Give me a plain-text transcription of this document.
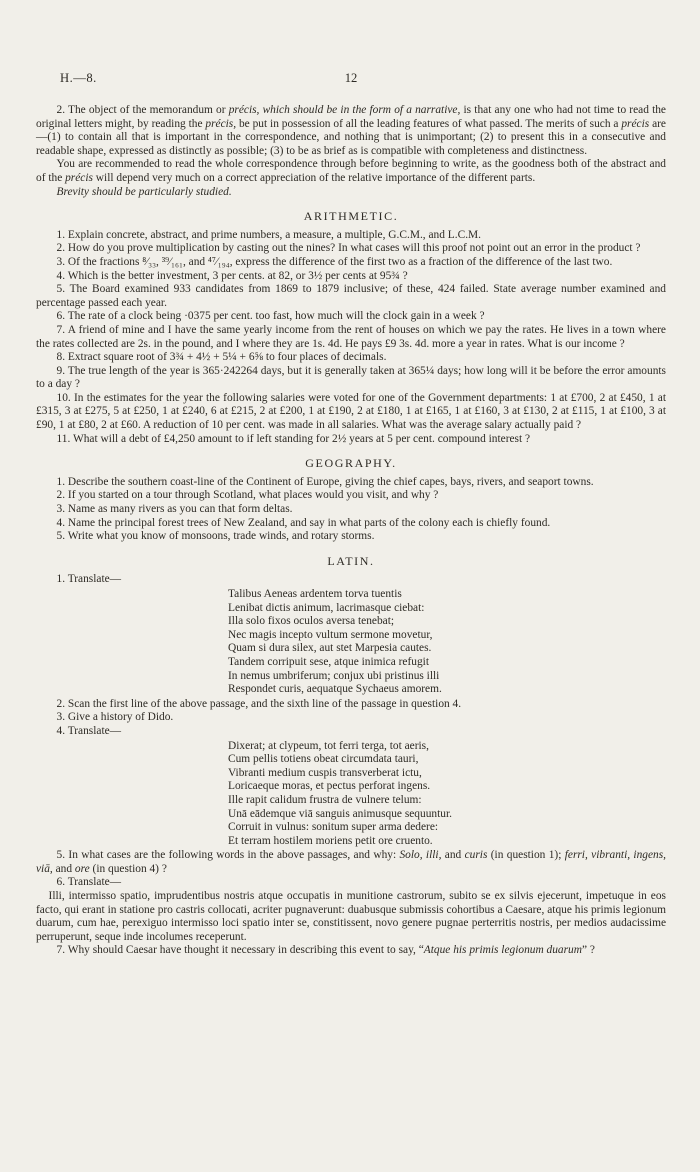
H.—8.	12

2. The object of the memorandum or précis, which should be in the form of a narrative, is that any one who had not time to read the original letters might, by reading the précis, be put in possession of all the leading features of what passed. The merits of such a précis are—(1) to contain all that is important in the correspondence, and nothing that is unimportant; (2) to present this in a consecutive and readable shape, expressed as distinctly as possible; (3) to be as brief as is compatible with completeness and distinctness.

You are recommended to read the whole correspondence through before beginning to write, as the goodness both of the abstract and of the précis will depend very much on a correct appreciation of the relative importance of the different parts.

Brevity should be particularly studied.

ARITHMETIC.

1. Explain concrete, abstract, and prime numbers, a measure, a multiple, G.C.M., and L.C.M.

2. How do you prove multiplication by casting out the nines? In what cases will this proof not point out an error in the product ?

3. Of the fractions ⁸⁄₃₃, ³⁹⁄₁₆₁, and ⁴⁷⁄₁₉₄, express the difference of the first two as a fraction of the difference of the last two.

4. Which is the better investment, 3 per cents. at 82, or 3½ per cents at 95¾ ?

5. The Board examined 933 candidates from 1869 to 1879 inclusive; of these, 424 failed. State average number examined and percentage passed each year.

6. The rate of a clock being ·0375 per cent. too fast, how much will the clock gain in a week ?

7. A friend of mine and I have the same yearly income from the rent of houses on which we pay the rates. He lives in a town where the rates collected are 2s. in the pound, and I where they are 1s. 4d. He pays £9 3s. 4d. more a year in rates. What is our income ?

8. Extract square root of 3¾ + 4½ + 5¼ + 6⅝ to four places of decimals.

9. The true length of the year is 365·242264 days, but it is generally taken at 365¼ days; how long will it be before the error amounts to a day ?

10. In the estimates for the year the following salaries were voted for one of the Government departments: 1 at £700, 2 at £450, 1 at £315, 3 at £275, 5 at £250, 1 at £240, 6 at £215, 2 at £200, 1 at £190, 2 at £180, 1 at £165, 1 at £160, 3 at £130, 2 at £115, 1 at £100, 3 at £90, 1 at £80, 2 at £60. A reduction of 10 per cent. was made in all salaries. What was the average salary actually paid ?

11. What will a debt of £4,250 amount to if left standing for 2½ years at 5 per cent. compound interest ?

GEOGRAPHY.

1. Describe the southern coast-line of the Continent of Europe, giving the chief capes, bays, rivers, and seaport towns.

2. If you started on a tour through Scotland, what places would you visit, and why ?

3. Name as many rivers as you can that form deltas.

4. Name the principal forest trees of New Zealand, and say in what parts of the colony each is chiefly found.

5. Write what you know of monsoons, trade winds, and rotary storms.

LATIN.

1. Translate—

Talibus Aeneas ardentem torva tuentis
Lenibat dictis animum, lacrimasque ciebat:
Illa solo fixos oculos aversa tenebat;
Nec magis incepto vultum sermone movetur,
Quam si dura silex, aut stet Marpesia cautes.
Tandem corripuit sese, atque inimica refugit
In nemus umbriferum; conjux ubi pristinus illi
Respondet curis, aequatque Sychaeus amorem.

2. Scan the first line of the above passage, and the sixth line of the passage in question 4.

3. Give a history of Dido.

4. Translate—

Dixerat; at clypeum, tot ferri terga, tot aeris,
Cum pellis totiens obeat circumdata tauri,
Vibranti medium cuspis transverberat ictu,
Loricaeque moras, et pectus perforat ingens.
Ille rapit calidum frustra de vulnere telum:
Unā eādemque viā sanguis animusque sequuntur.
Corruit in vulnus: sonitum super arma dedere:
Et terram hostilem moriens petit ore cruento.

5. In what cases are the following words in the above passages, and why: Solo, illi, and curis (in question 1); ferri, vibranti, ingens, viā, and ore (in question 4) ?

6. Translate—

Illi, intermisso spatio, imprudentibus nostris atque occupatis in munitione castrorum, subito se ex silvis ejecerunt, impetuque in eos facto, qui erant in statione pro castris collocati, acriter pugnaverunt: duabusque submissis cohortibus a Caesare, atque his primis legionum duarum, cum hae, perexiguo intermisso loci spatio inter se, constitissent, novo genere pugnae perterritis nostris, per medios audacissime perruperunt, seque inde incolumes receperunt.

7. Why should Caesar have thought it necessary in describing this event to say, “Atque his primis legionum duarum” ?
